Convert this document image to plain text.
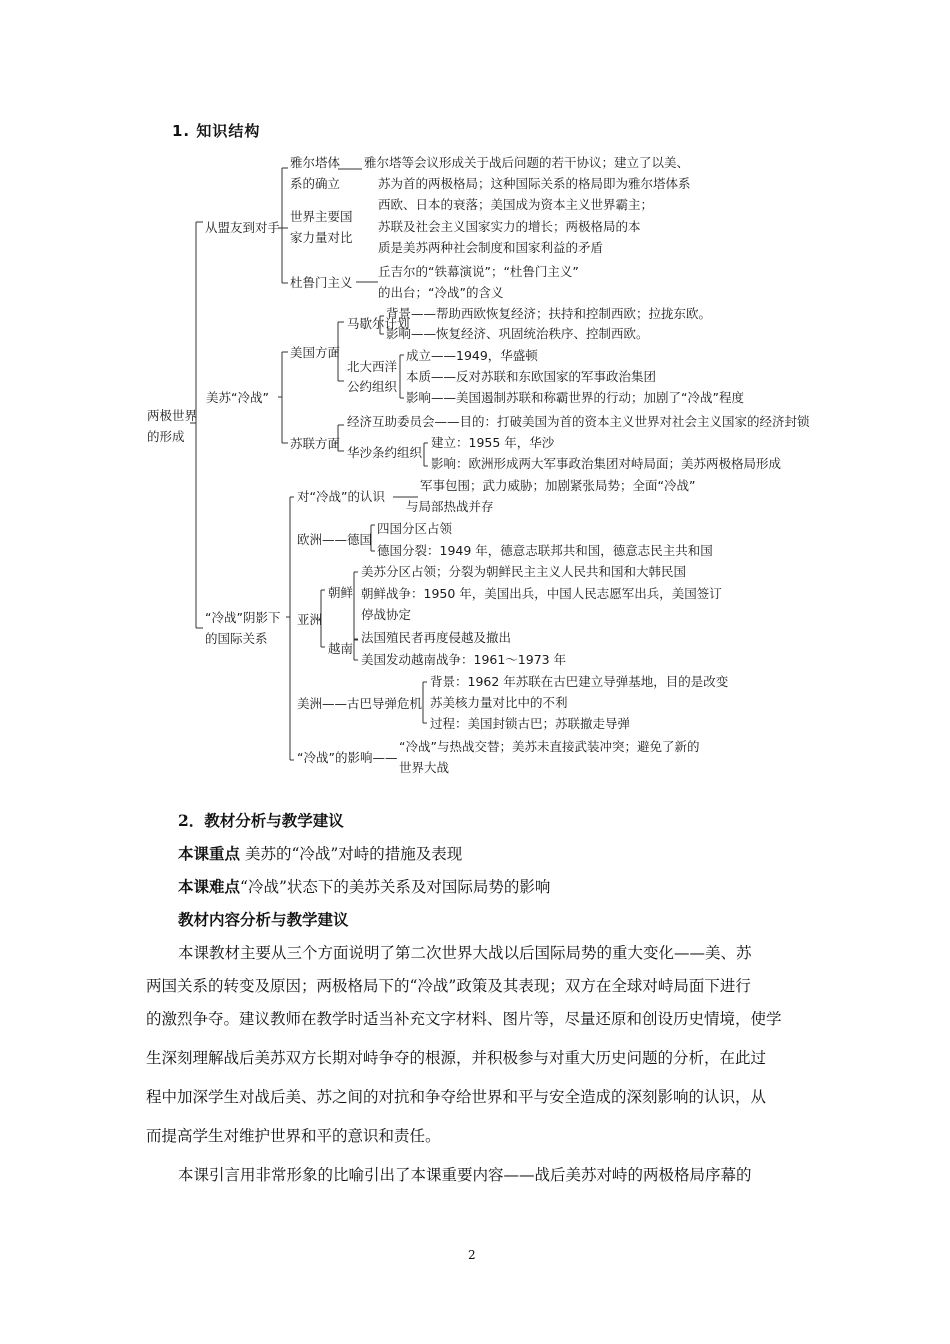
1. 知识结构
两极世界
的形成
从盟友到对手
雅尔塔体
系的确立
雅尔塔等会议形成关于战后问题的若干协议；建立了以美、
苏为首的两极格局；这种国际关系的格局即为雅尔塔体系
世界主要国
家力量对比
西欧、日本的衰落；美国成为资本主义世界霸主；
苏联及社会主义国家实力的增长；两极格局的本
质是美苏两种社会制度和国家利益的矛盾
杜鲁门主义
丘吉尔的“铁幕演说”；“杜鲁门主义”
的出台；“冷战”的含义
美苏“冷战”
美国方面
马歇尔计划
背景——帮助西欧恢复经济；扶持和控制西欧；拉拢东欧。
影响——恢复经济、巩固统治秩序、控制西欧。
北大西洋
公约组织
成立——1949，华盛顿
本质——反对苏联和东欧国家的军事政治集团
影响——美国遏制苏联和称霸世界的行动；加剧了“冷战”程度
苏联方面
经济互助委员会——目的：打破美国为首的资本主义世界对社会主义国家的经济封锁
华沙条约组织
建立：1955 年，华沙
影响：欧洲形成两大军事政治集团对峙局面；美苏两极格局形成
“冷战”阴影下
的国际关系
对“冷战”的认识
军事包围；武力威胁；加剧紧张局势；全面“冷战”
与局部热战并存
欧洲——德国
四国分区占领
德国分裂：1949 年，德意志联邦共和国，德意志民主共和国
亚洲
朝鲜
美苏分区占领；分裂为朝鲜民主主义人民共和国和大韩民国
朝鲜战争：1950 年，美国出兵，中国人民志愿军出兵，美国签订
停战协定
越南
法国殖民者再度侵越及撤出
美国发动越南战争：1961～1973 年
美洲——古巴导弹危机
背景：1962 年苏联在古巴建立导弹基地，目的是改变
苏美核力量对比中的不利
过程：美国封锁古巴；苏联撤走导弹
“冷战”的影响——
“冷战”与热战交替；美苏未直接武装冲突；避免了新的
世界大战
2．教材分析与教学建议
本课重点 美苏的“冷战”对峙的措施及表现
本课难点“冷战”状态下的美苏关系及对国际局势的影响
教材内容分析与教学建议
本课教材主要从三个方面说明了第二次世界大战以后国际局势的重大变化——美、苏
两国关系的转变及原因；两极格局下的“冷战”政策及其表现；双方在全球对峙局面下进行
的激烈争夺。建议教师在教学时适当补充文字材料、图片等，尽量还原和创设历史情境，使学
生深刻理解战后美苏双方长期对峙争夺的根源，并积极参与对重大历史问题的分析，在此过
程中加深学生对战后美、苏之间的对抗和争夺给世界和平与安全造成的深刻影响的认识，从
而提高学生对维护世界和平的意识和责任。
本课引言用非常形象的比喻引出了本课重要内容——战后美苏对峙的两极格局序幕的
2
